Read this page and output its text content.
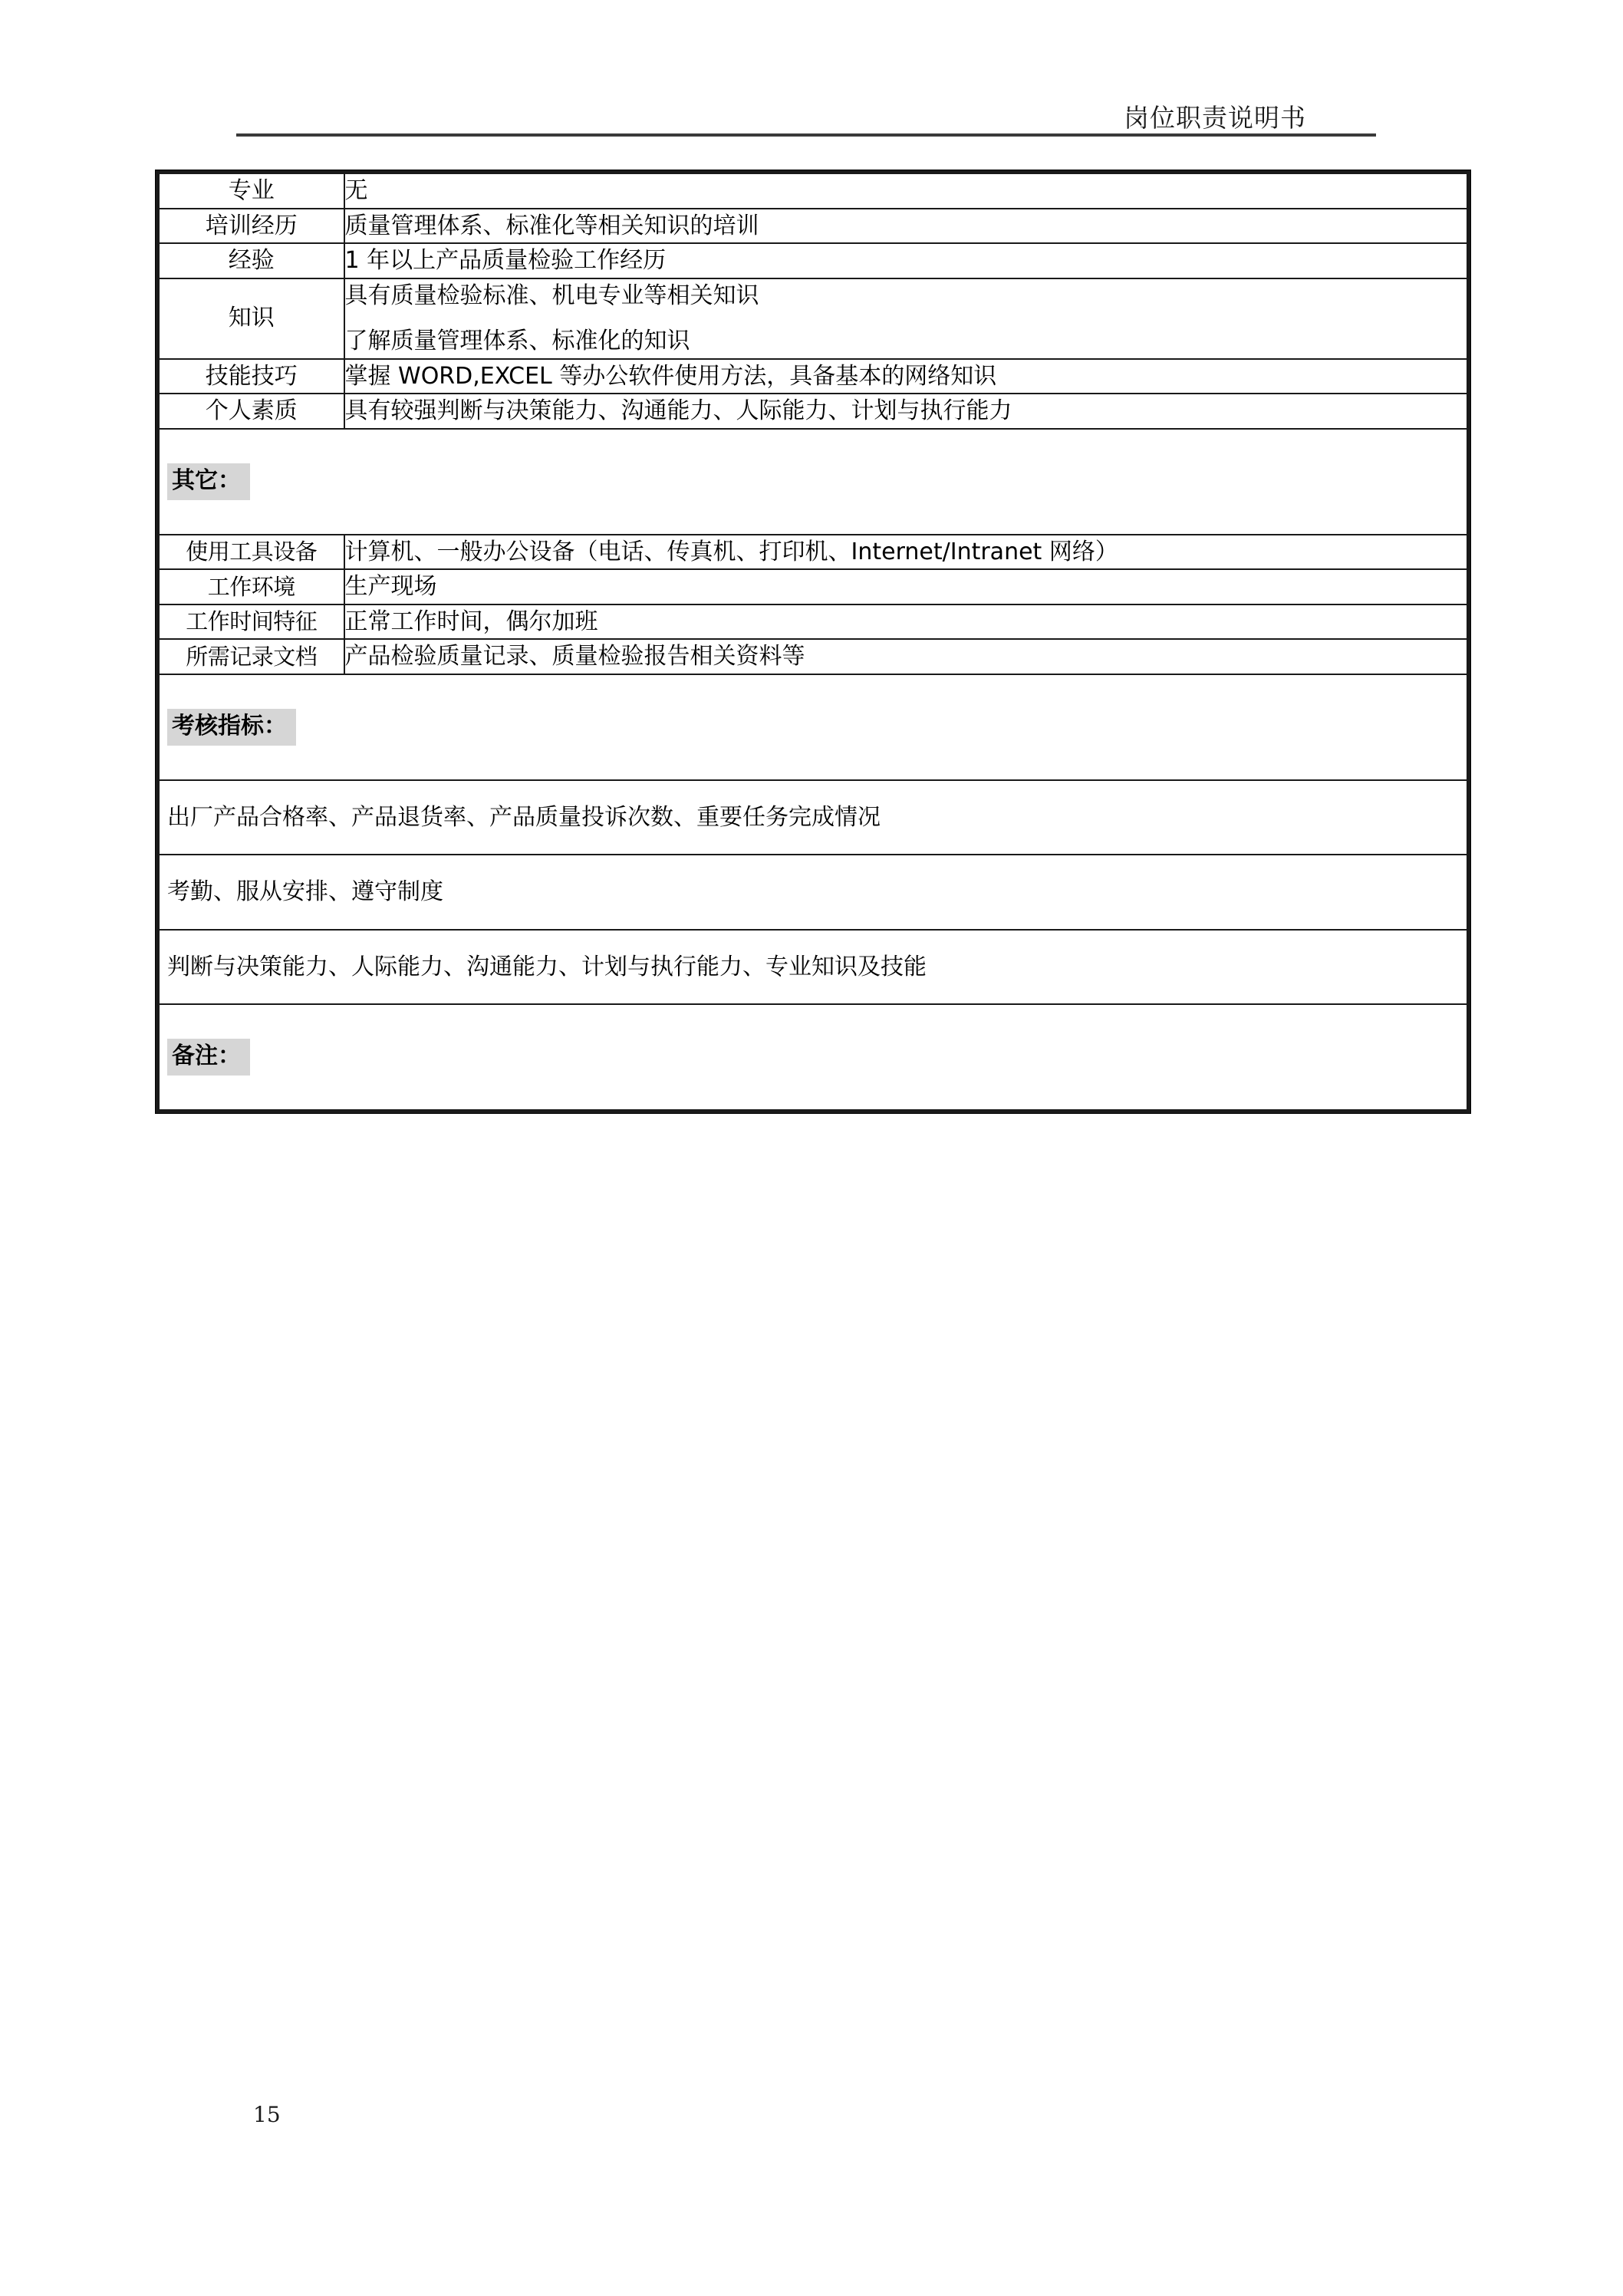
岗位职责说明书
专业	无

培训经历	质量管理体系、标准化等相关知识的培训

经验	1 年以上产品质量检验工作经历

知识	具有质量检验标准、机电专业等相关知识
了解质量管理体系、标准化的知识

技能技巧	掌握 WORD,EXCEL 等办公软件使用方法，具备基本的网络知识

个人素质	具有较强判断与决策能力、沟通能力、人际能力、计划与执行能力

其它：	
使用工具设备	计算机、一般办公设备（电话、传真机、打印机、Internet/Intranet 网络）

工作环境	生产现场

工作时间特征	正常工作时间，偶尔加班

所需记录文档	产品检验质量记录、质量检验报告相关资料等

考核指标：	
出厂产品合格率、产品退货率、产品质量投诉次数、重要任务完成情况	
考勤、服从安排、遵守制度	
判断与决策能力、人际能力、沟通能力、计划与执行能力、专业知识及技能	
备注：	
15
